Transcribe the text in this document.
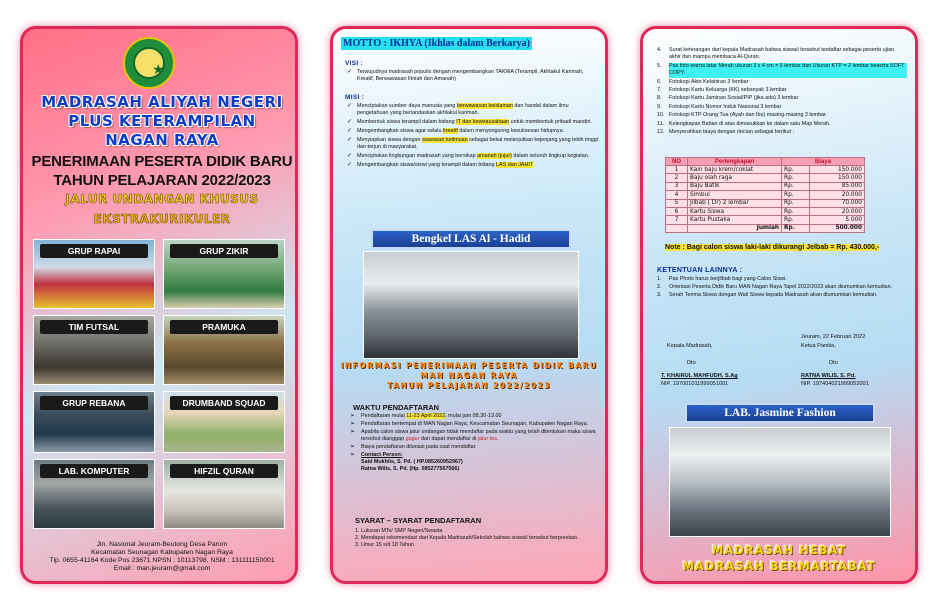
★
MADRASAH ALIYAH NEGERI
PLUS KETERAMPILAN
NAGAN RAYA
PENERIMAAN PESERTA DIDIK BARU
TAHUN PELAJARAN 2022/2023
JALUR UNDANGAN KHUSUS
EKSTRAKURIKULER
GRUP RAPAI	GRUP ZIKIR
TIM FUTSAL	PRAMUKA
GRUP REBANA	DRUMBAND SQUAD
LAB. KOMPUTER	HIFZIL QURAN
Jln. Nasional Jeuram-Beutong Desa Parom
Kecamatan Seunagan Kabupaten Nagan Raya
Tlp. 0655-41164 Kode Pos 23671 NPSN : 10113798, NSM : 131111150001
Email : man.jeuram@gmail.com
MOTTO : IKHYA (Ikhlas dalam Berkarya)
VISI :
✓ Terwujudnya madrasah populis dengan mengembangkan TAKWA (Terampil, Akhlakul Karimah, Kreatif, Berwawasan Ilmiah dan Amanah)
MISI :
✓ Menciptakan sumber daya manusia yang berwawasan keislaman dan handal dalam ilmu pengetahuan yang berlandaskan akhlakul karimah.
✓ Membentuk siswa terampil dalam bidang IT dan kewirausahaan untuk membentuk pribadi mandiri.
✓ Mengembangkan siswa agar selalu kreatif dalam menyongsong kesuksesan hidupnya.
✓ Menyiapkan siswa dengan wawasan keilmuan sebagai bekal melanjutkan kejenjang yang lebih tinggi dan terjun di masyarakat.
✓ Menciptakan lingkungan madrasah yang bersikap amanah (jujur) dalam seluruh lingkup kegiatan.
✓ Mengembangkan siswa/siswi yang terampil dalam bidang LAS dan JAHIT
Bengkel LAS Al - Hadid
INFORMASI PENERIMAAN PESERTA DIDIK BARU
MAN NAGAN RAYA
TAHUN PELAJARAN 2022/2023
WAKTU PENDAFTARAN
➢ Pendaftaran mulai 11-23 April 2022, mulai jam 08.30-13.00
➢ Pendaftaran bertempat di MAN Nagan Raya, Keucamatan Seunagan, Kabupaten Nagan Raya.
➢ Apabila calon siswa jalur undangan tidak mendaftar pada waktu yang telah ditentukan maka siswa tersebut dianggap gugur dan dapat mendaftar di jalur tes.
➢ Biaya pendaftaran dilunasi pada saat mendaftar.
➢ Contact Person:
Said Mukhlis, S. Pd. ( HP.085260952967)
Ratna Wilis, S. Pd. (Hp. 085277567566)
SYARAT – SYARAT PENDAFTARAN
1. Lulusan MTs/ SMP Negeri/Swasta
2. Mendapat rekomendasi dari Kepala Madrasah/Sekolah bahwa siswa/i tersebut berprestasi.
3. Umur 15 s/d 18 Tahun
4.	Surat keterangan dari kepala Madrasah bahwa siswa/i tersebut terdaftar sebagai peserta ujian akhir dan mampu membaca Al-Quran.
5.	Pas foto warna latar Merah ukuran 3 x 4 cm = 5 lembar dan Ukuran KTP = 2 lembar beserta SOFT COPY.
6.	Fotokopi Akte Kelahiran 3 lembar
7.	Fotokopi Kartu Keluarga (KK) sebanyak 3 lembar
8.	Fotokopi Kartu Jaminan Sosial/PIP (jika ada) 3 lembar
9.	Fotokopi Kartu Nomor Induk Nasional 3 lembar
10. Fotokopi KTP Orang Tua (Ayah dan Ibu) masing-masing 3 lembar.
11. Kelengkapan Bahan di atas dimasukkan ke dalam satu Map Merah.
12. Menyerahkan biaya dengan rincian sebagai berikut :
NO	Perlengkapan	Biaya	
1	Kain baju krem/coklat	Rp.	150.000
2	Baju olah raga	Rp.	150.000
3	Baju Batik	Rp.	85.000
4	Simbul	Rp.	20.000
5	Jilbab ( Dr) 2 lembar	Rp.	70.000
6	Kartu Siswa	Rp.	20.000
7	Kartu Pustaka	Rp.	5.000
	Jumlah	Rp.	500.000
Note : Bagi calon siswa laki-laki dikurangi Jelbab = Rp. 430.000,-
KETENTUAN LAINNYA :
1.	Pas Photo harus berjilbab bagi yang Calon Siswi.
2.	Orientasi Peserta Didik Baru MAN Nagan Raya Tapel 2022/2023 akan diumumkan kemudian.
3.	Serah Terima Siswa dengan Wali Siswa kepada Madrasah akan diumumkan kemudian.
Jeuram, 22 Februari 2022
Kepala Madrasah,	Ketua Panitia,
Dto	Dto
T. KHAIRUL MAHFUDH, S.Ag
NIP. 197001011999051001
RATNA WILIS, S. Pd.
NIP. 197404021999052001
LAB. Jasmine Fashion
MADRASAH HEBAT
MADRASAH BERMARTABAT
